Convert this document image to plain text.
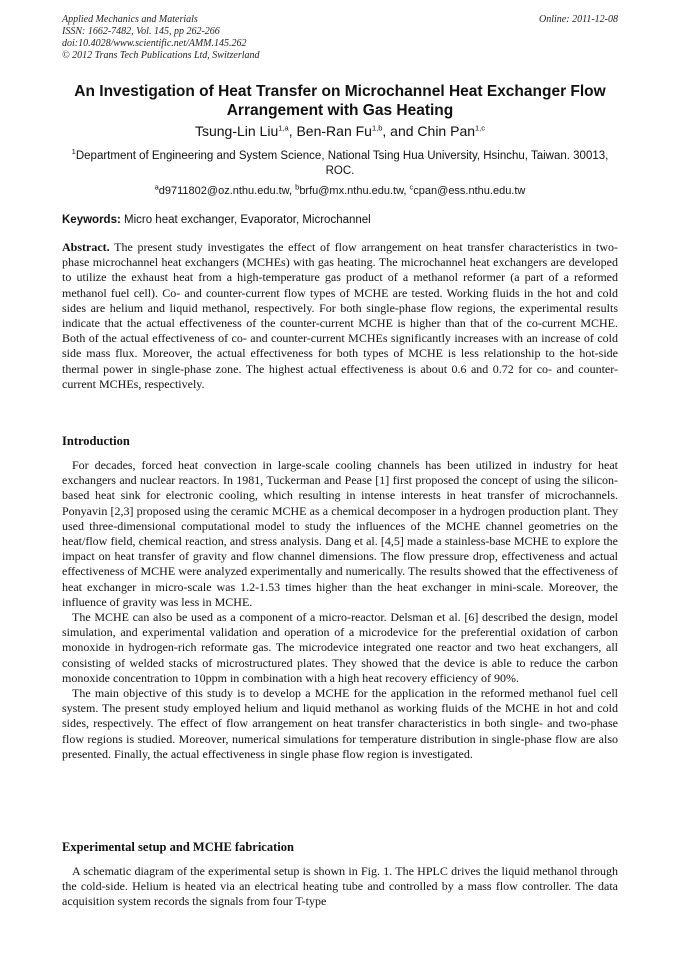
Applied Mechanics and Materials
ISSN: 1662-7482, Vol. 145, pp 262-266
doi:10.4028/www.scientific.net/AMM.145.262
© 2012 Trans Tech Publications Ltd, Switzerland
Online: 2011-12-08
An Investigation of Heat Transfer on Microchannel Heat Exchanger Flow Arrangement with Gas Heating
Tsung-Lin Liu$^{1,a}$, Ben-Ran Fu$^{1,b}$, and Chin Pan$^{1,c}$
$^1$Department of Engineering and System Science, National Tsing Hua University, Hsinchu, Taiwan. 30013, ROC.
$^a$d9711802@oz.nthu.edu.tw, $^b$brfu@mx.nthu.edu.tw, $^c$cpan@ess.nthu.edu.tw
Keywords: Micro heat exchanger, Evaporator, Microchannel
Abstract. The present study investigates the effect of flow arrangement on heat transfer characteristics in two-phase microchannel heat exchangers (MCHEs) with gas heating. The microchannel heat exchangers are developed to utilize the exhaust heat from a high-temperature gas product of a methanol reformer (a part of a reformed methanol fuel cell). Co- and counter-current flow types of MCHE are tested. Working fluids in the hot and cold sides are helium and liquid methanol, respectively. For both single-phase flow regions, the experimental results indicate that the actual effectiveness of the counter-current MCHE is higher than that of the co-current MCHE. Both of the actual effectiveness of co- and counter-current MCHEs significantly increases with an increase of cold side mass flux. Moreover, the actual effectiveness for both types of MCHE is less relationship to the hot-side thermal power in single-phase zone. The highest actual effectiveness is about 0.6 and 0.72 for co- and counter-current MCHEs, respectively.
Introduction

For decades, forced heat convection in large-scale cooling channels has been utilized in industry for heat exchangers and nuclear reactors. In 1981, Tuckerman and Pease [1] first proposed the concept of using the silicon-based heat sink for electronic cooling, which resulting in intense interests in heat transfer of microchannels. Ponyavin [2,3] proposed using the ceramic MCHE as a chemical decomposer in a hydrogen production plant. They used three-dimensional computational model to study the influences of the MCHE channel geometries on the heat/flow field, chemical reaction, and stress analysis. Dang et al. [4,5] made a stainless-base MCHE to explore the impact on heat transfer of gravity and flow channel dimensions. The flow pressure drop, effectiveness and actual effectiveness of MCHE were analyzed experimentally and numerically. The results showed that the effectiveness of heat exchanger in micro-scale was 1.2-1.53 times higher than the heat exchanger in mini-scale. Moreover, the influence of gravity was less in MCHE.

The MCHE can also be used as a component of a micro-reactor. Delsman et al. [6] described the design, model simulation, and experimental validation and operation of a microdevice for the preferential oxidation of carbon monoxide in hydrogen-rich reformate gas. The microdevice integrated one reactor and two heat exchangers, all consisting of welded stacks of microstructured plates. They showed that the device is able to reduce the carbon monoxide concentration to 10ppm in combination with a high heat recovery efficiency of 90%.

The main objective of this study is to develop a MCHE for the application in the reformed methanol fuel cell system. The present study employed helium and liquid methanol as working fluids of the MCHE in hot and cold sides, respectively. The effect of flow arrangement on heat transfer characteristics in both single- and two-phase flow regions is studied. Moreover, numerical simulations for temperature distribution in single-phase flow are also presented. Finally, the actual effectiveness in single phase flow region is investigated.

Experimental setup and MCHE fabrication

A schematic diagram of the experimental setup is shown in Fig. 1. The HPLC drives the liquid methanol through the cold-side. Helium is heated via an electrical heating tube and controlled by a mass flow controller. The data acquisition system records the signals from four T-type
